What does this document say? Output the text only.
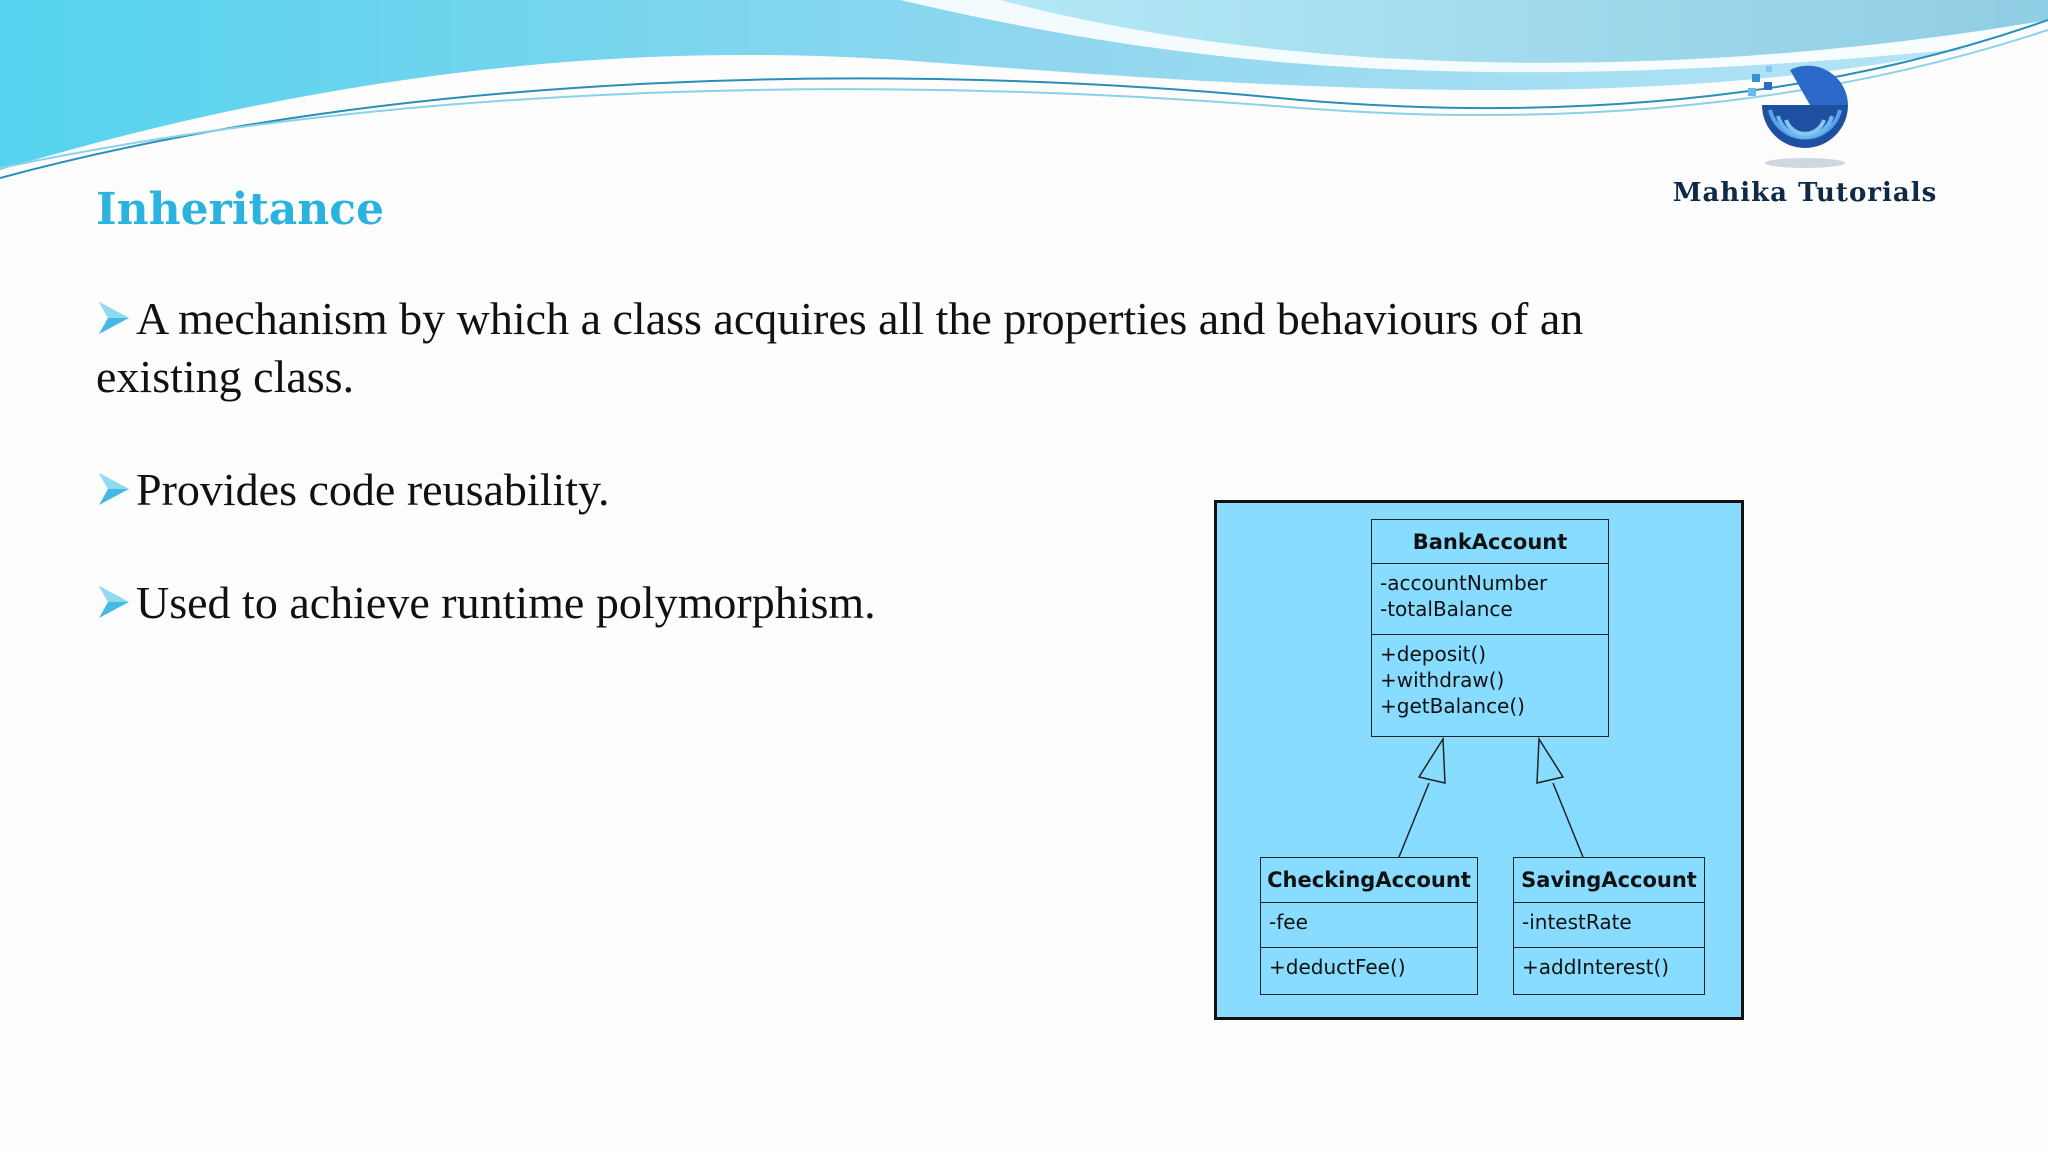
Mahika Tutorials
Inheritance
A mechanism by which a class acquires all the properties and behaviours of an
existing class.
Provides code reusability.
Used to achieve runtime polymorphism.
BankAccount
-accountNumber
-totalBalance
+deposit()
+withdraw()
+getBalance()
CheckingAccount
-fee
+deductFee()
SavingAccount
-intestRate
+addInterest()
